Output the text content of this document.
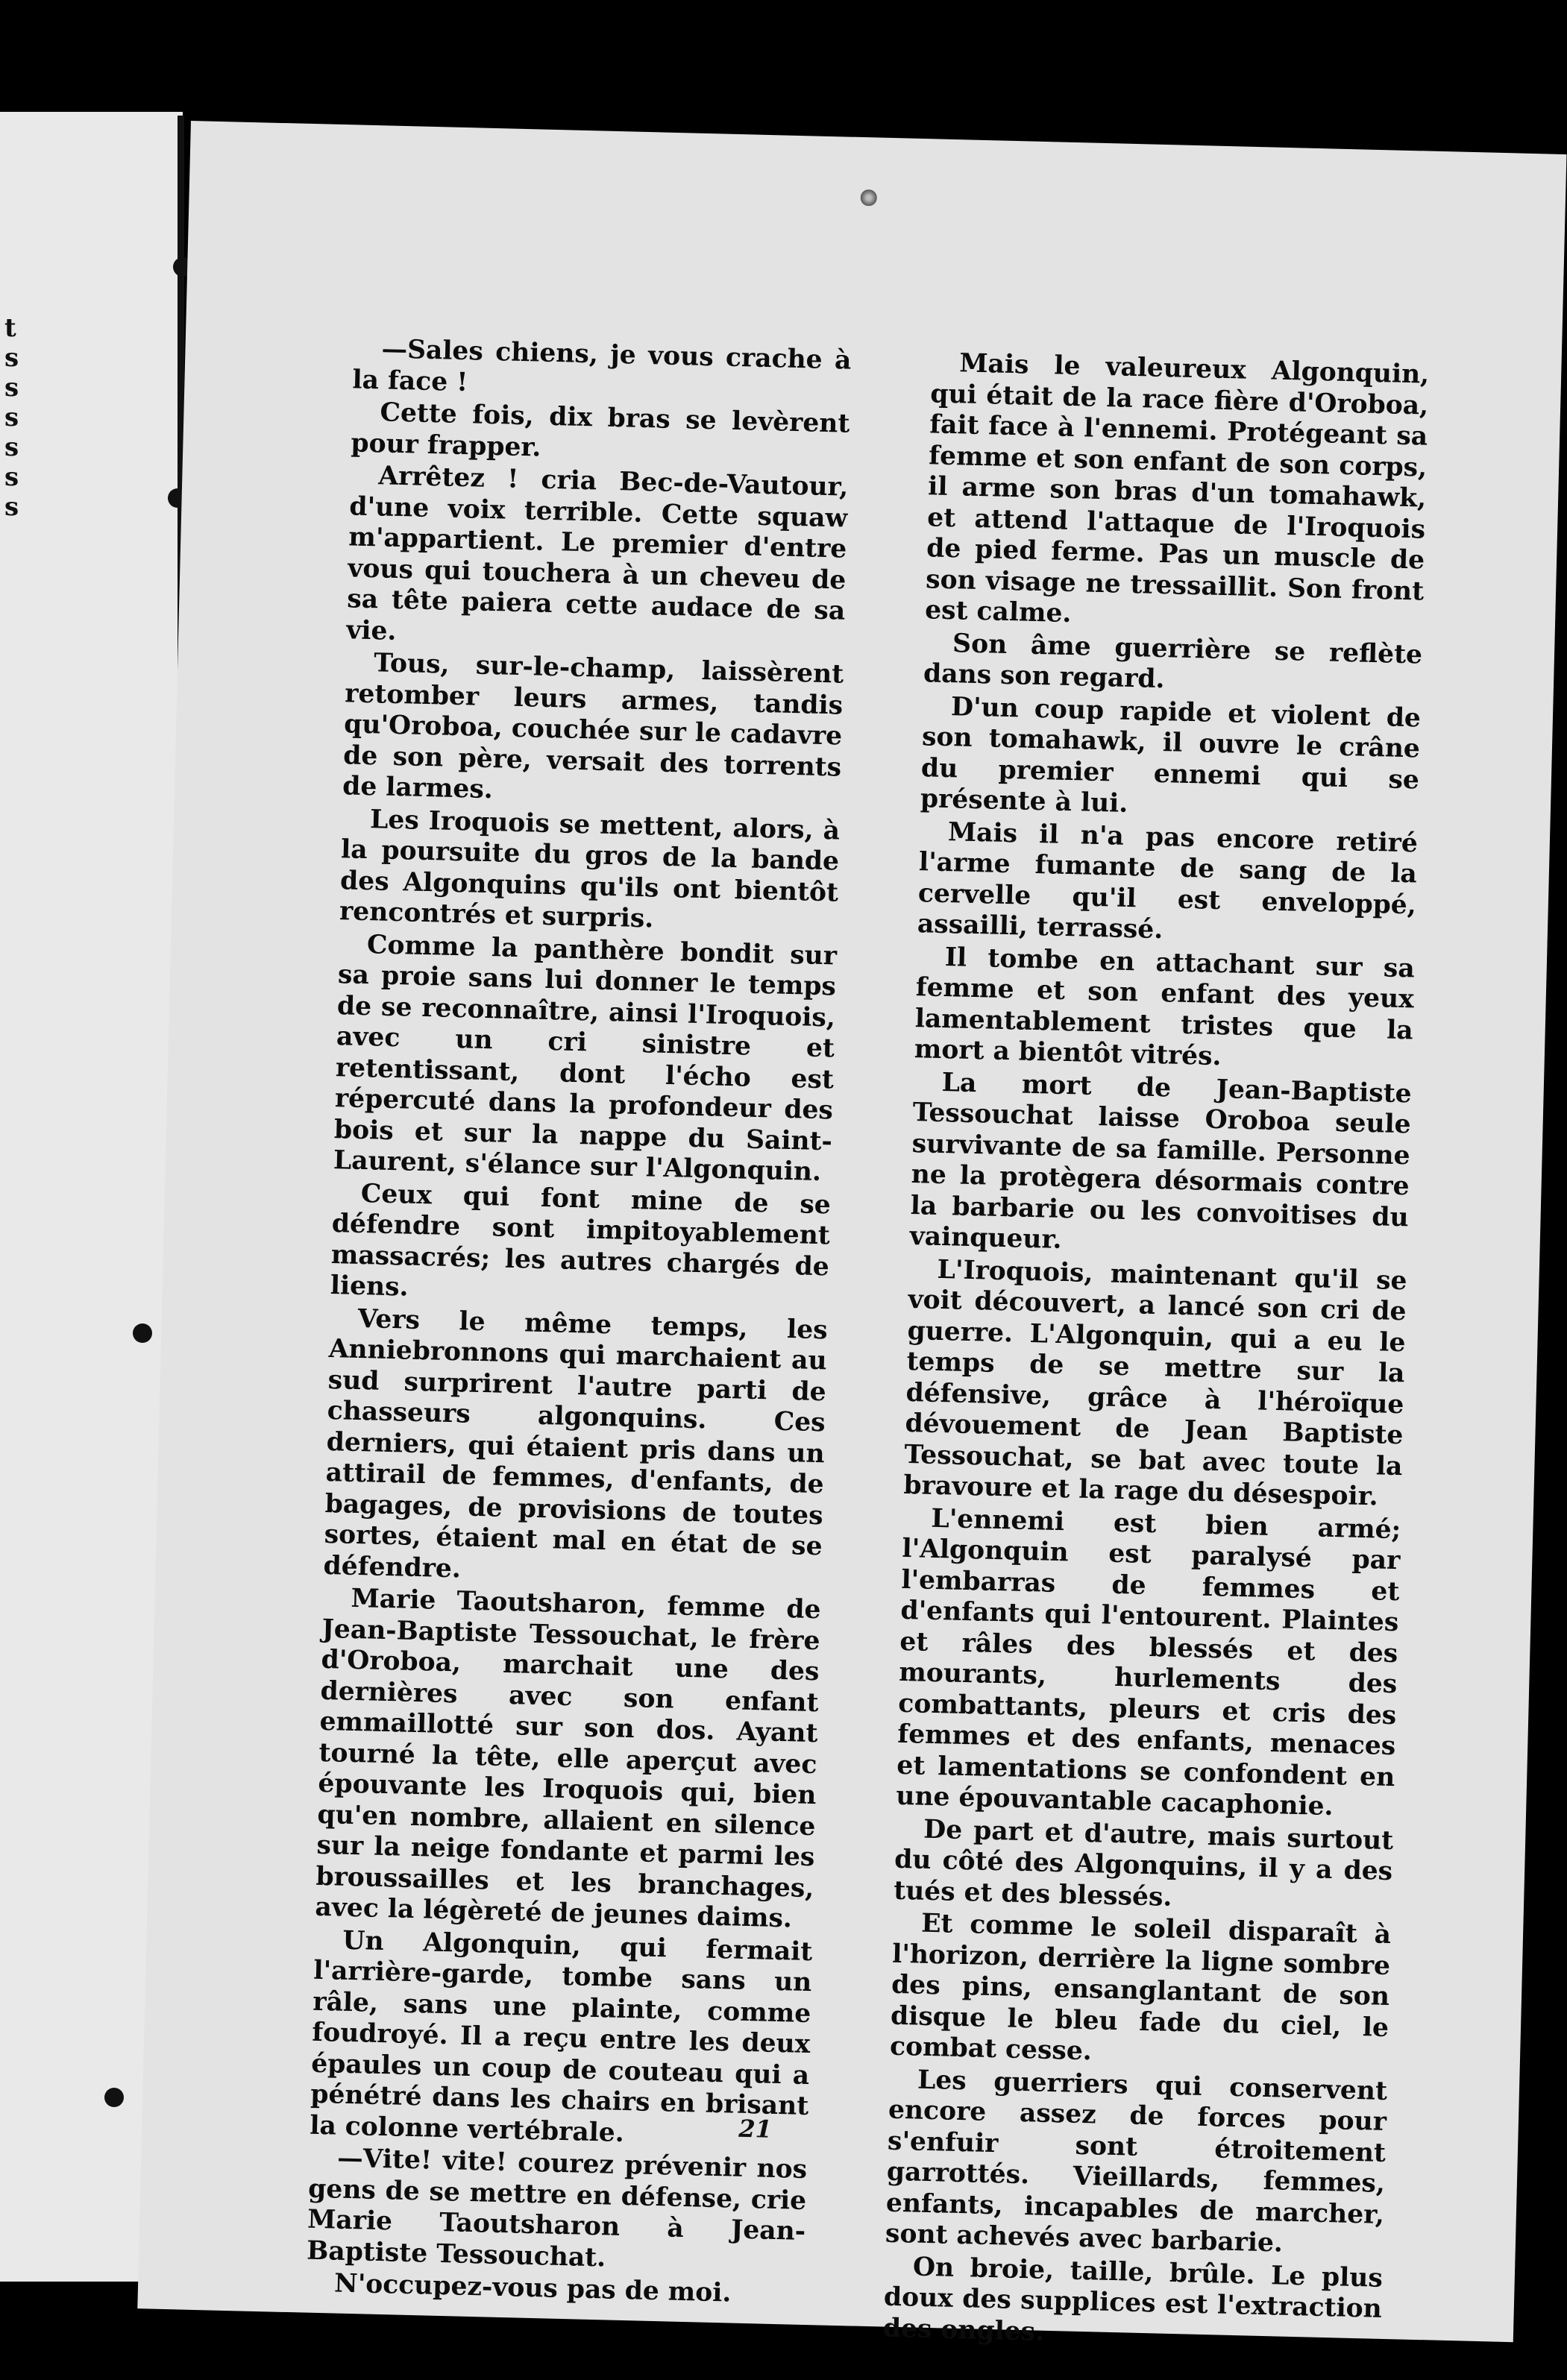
t
s
s
s
s
s
s

—Sales chiens, je vous crache à la face !

Cette fois, dix bras se levèrent pour frapper.

Arrêtez ! cria Bec-de-Vautour, d'une voix terrible. Cette squaw m'appartient. Le premier d'entre vous qui touchera à un cheveu de sa tête paiera cette audace de sa vie.

Tous, sur-le-champ, laissèrent retomber leurs armes, tandis qu'Oroboa, couchée sur le cadavre de son père, versait des torrents de larmes.

Les Iroquois se mettent, alors, à la poursuite du gros de la bande des Algonquins qu'ils ont bientôt rencontrés et surpris.

Comme la panthère bondit sur sa proie sans lui donner le temps de se reconnaître, ainsi l'Iroquois, avec un cri sinistre et retentissant, dont l'écho est répercuté dans la profondeur des bois et sur la nappe du Saint-Laurent, s'élance sur l'Algonquin.

Ceux qui font mine de se défendre sont impitoyablement massacrés; les autres chargés de liens.

Vers le même temps, les Anniebronnons qui marchaient au sud surprirent l'autre parti de chasseurs algonquins. Ces derniers, qui étaient pris dans un attirail de femmes, d'enfants, de bagages, de provisions de toutes sortes, étaient mal en état de se défendre.

Marie Taoutsharon, femme de Jean-Baptiste Tessouchat, le frère d'Oroboa, marchait une des dernières avec son enfant emmaillotté sur son dos. Ayant tourné la tête, elle aperçut avec épouvante les Iroquois qui, bien qu'en nombre, allaient en silence sur la neige fondante et parmi les broussailles et les branchages, avec la légèreté de jeunes daims.

Un Algonquin, qui fermait l'arrière-garde, tombe sans un râle, sans une plainte, comme foudroyé. Il a reçu entre les deux épaules un coup de couteau qui a pénétré dans les chairs en brisant la colonne vertébrale.

—Vite! vite! courez prévenir nos gens de se mettre en défense, crie Marie Taoutsharon à Jean-Baptiste Tessouchat.

N'occupez-vous pas de moi.

Mais le valeureux Algonquin, qui était de la race fière d'Oroboa, fait face à l'ennemi. Protégeant sa femme et son enfant de son corps, il arme son bras d'un tomahawk, et attend l'attaque de l'Iroquois de pied ferme. Pas un muscle de son visage ne tressaillit. Son front est calme.

Son âme guerrière se reflète dans son regard.

D'un coup rapide et violent de son tomahawk, il ouvre le crâne du premier ennemi qui se présente à lui.

Mais il n'a pas encore retiré l'arme fumante de sang de la cervelle qu'il est enveloppé, assailli, terrassé.

Il tombe en attachant sur sa femme et son enfant des yeux lamentablement tristes que la mort a bientôt vitrés.

La mort de Jean-Baptiste Tessouchat laisse Oroboa seule survivante de sa famille. Personne ne la protègera désormais contre la barbarie ou les convoitises du vainqueur.

L'Iroquois, maintenant qu'il se voit découvert, a lancé son cri de guerre. L'Algonquin, qui a eu le temps de se mettre sur la défensive, grâce à l'héroïque dévouement de Jean Baptiste Tessouchat, se bat avec toute la bravoure et la rage du désespoir.

L'ennemi est bien armé; l'Algonquin est paralysé par l'embarras de femmes et d'enfants qui l'entourent. Plaintes et râles des blessés et des mourants, hurlements des combattants, pleurs et cris des femmes et des enfants, menaces et lamentations se confondent en une épouvantable cacaphonie.

De part et d'autre, mais surtout du côté des Algonquins, il y a des tués et des blessés.

Et comme le soleil disparaît à l'horizon, derrière la ligne sombre des pins, ensanglantant de son disque le bleu fade du ciel, le combat cesse.

Les guerriers qui conservent encore assez de forces pour s'enfuir sont étroitement garrottés. Vieillards, femmes, enfants, incapables de marcher, sont achevés avec barbarie.

On broie, taille, brûle. Le plus doux des supplices est l'extraction des ongles.

21
